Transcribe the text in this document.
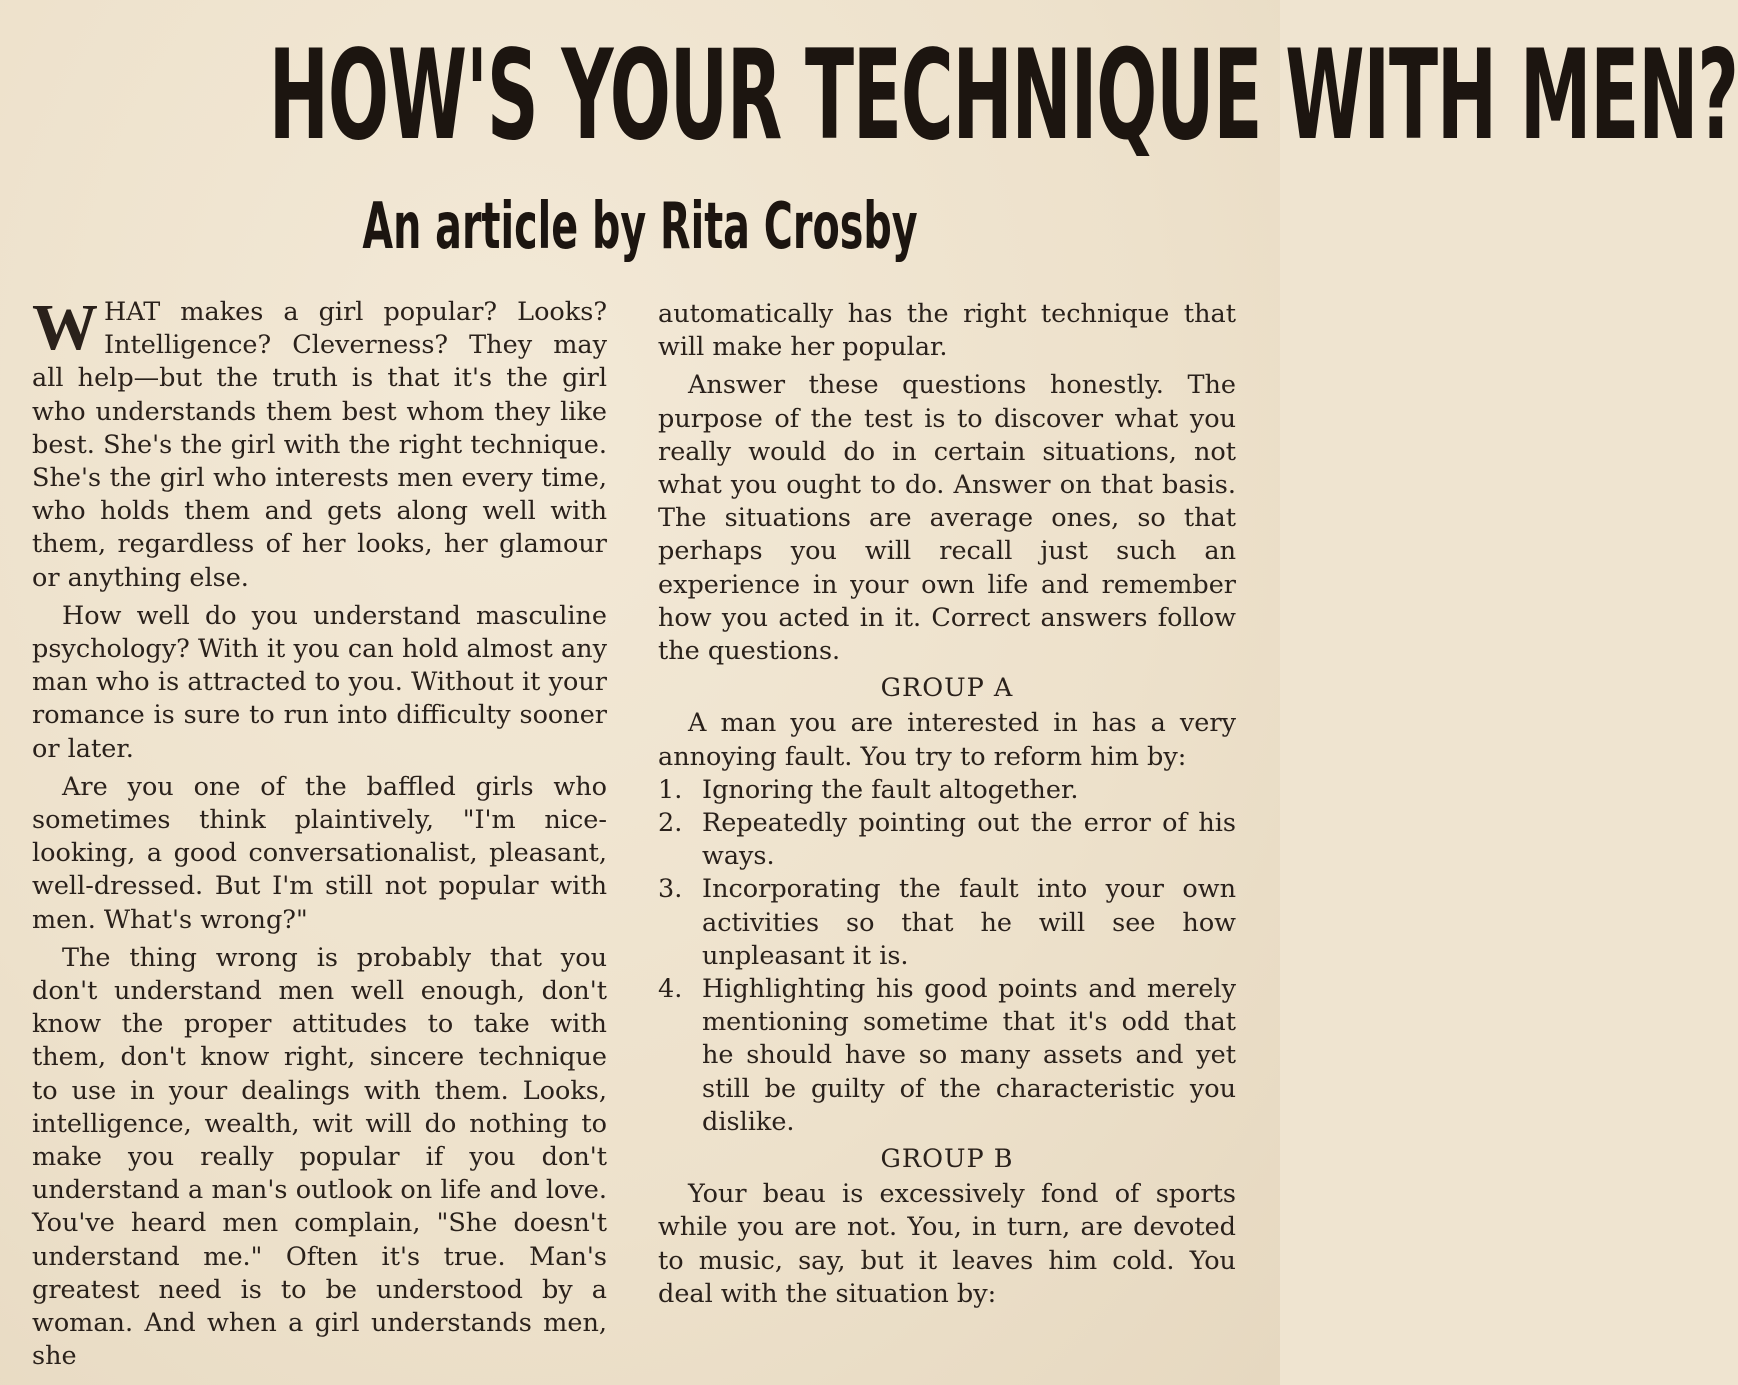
HOW'S YOUR TECHNIQUE WITH MEN?
An article by Rita Crosby

WHAT makes a girl popular? Looks? Intelligence? Cleverness? They may all help—but the truth is that it's the girl who understands them best whom they like best. She's the girl with the right technique. She's the girl who interests men every time, who holds them and gets along well with them, regardless of her looks, her glamour or anything else.

How well do you understand masculine psychology? With it you can hold almost any man who is attracted to you. Without it your romance is sure to run into difficulty sooner or later.

Are you one of the baffled girls who sometimes think plaintively, "I'm nice-looking, a good conversationalist, pleasant, well-dressed. But I'm still not popular with men. What's wrong?"

The thing wrong is probably that you don't understand men well enough, don't know the proper attitudes to take with them, don't know right, sincere technique to use in your dealings with them. Looks, intelligence, wealth, wit will do nothing to make you really popular if you don't understand a man's outlook on life and love. You've heard men complain, "She doesn't understand me." Often it's true. Man's greatest need is to be understood by a woman. And when a girl understands men, she

automatically has the right technique that will make her popular.

Answer these questions honestly. The purpose of the test is to discover what you really would do in certain situations, not what you ought to do. Answer on that basis. The situations are average ones, so that perhaps you will recall just such an experience in your own life and remember how you acted in it. Correct answers follow the questions.

GROUP A

A man you are interested in has a very annoying fault. You try to reform him by:

1. Ignoring the fault altogether.
2. Repeatedly pointing out the error of his ways.
3. Incorporating the fault into your own activities so that he will see how unpleasant it is.
4. Highlighting his good points and merely mentioning sometime that it's odd that he should have so many assets and yet still be guilty of the characteristic you dislike.

GROUP B

Your beau is excessively fond of sports while you are not. You, in turn, are devoted to music, say, but it leaves him cold. You deal with the situation by:
